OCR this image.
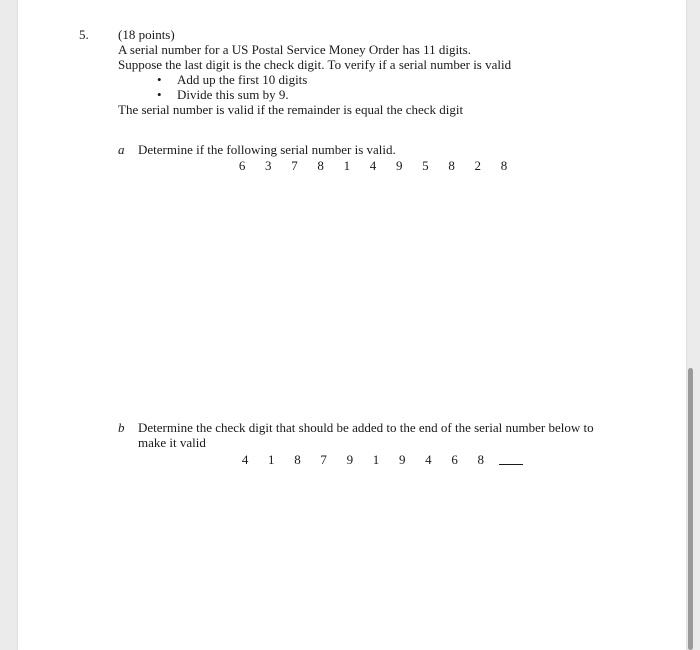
5. (18 points)
A serial number for a US Postal Service Money Order has 11 digits.
Suppose the last digit is the check digit. To verify if a serial number is valid
• Add up the first 10 digits
• Divide this sum by 9.
The serial number is valid if the remainder is equal the check digit
a Determine if the following serial number is valid.
6	3	7	8	1	4	9	5	8	2	8
b Determine the check digit that should be added to the end of the serial number below to
make it valid
4	1	8	7	9	1	9	4	6	8
